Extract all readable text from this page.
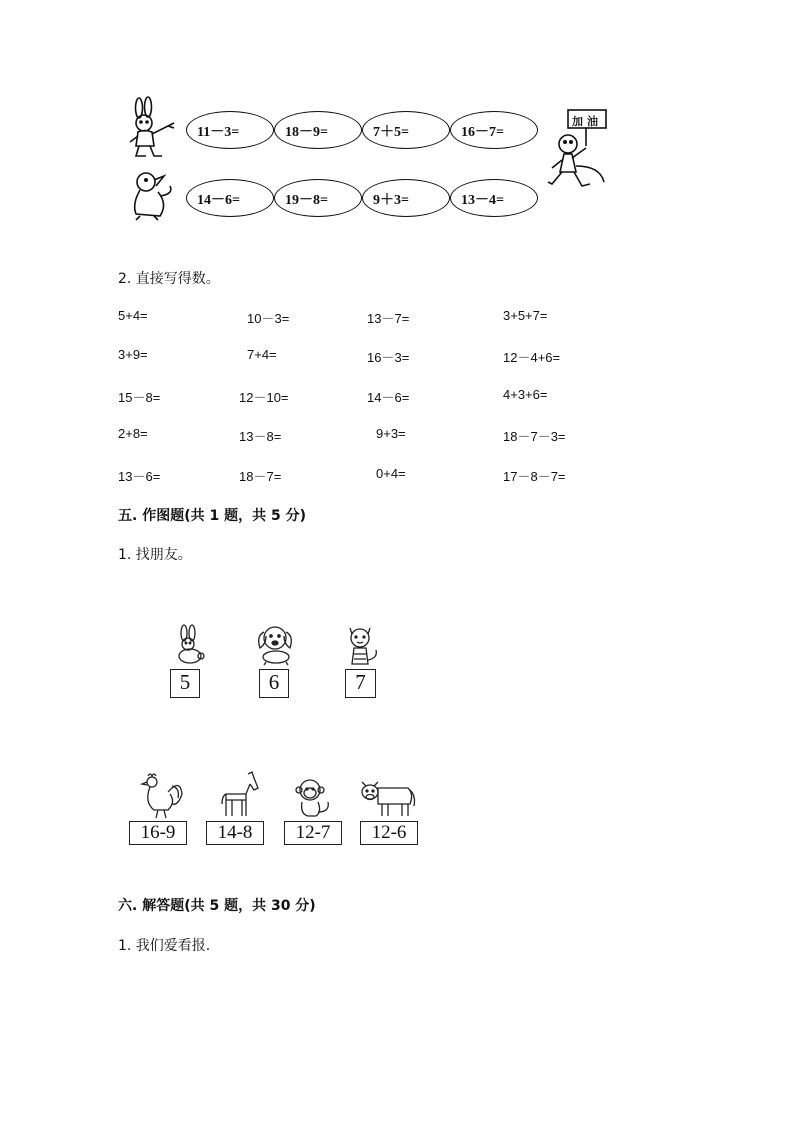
加油
11－3=	18－9=	7＋5=	16－7=
14－6=	19－8=	9＋3=	13－4=
2. 直接写得数。
5+4=	10－3=	13－7=	3+5+7=
3+9=	7+4=	16－3=	12－4+6=
15－8=	12－10=	14－6=	4+3+6=
2+8=	13－8=	9+3=	18－7－3=
13－6=	18－7=	0+4=	17－8－7=
五. 作图题(共 1 题，共 5 分)
1. 找朋友。
5	6	7
16-9	14-8	12-7	12-6
六. 解答题(共 5 题，共 30 分)
1. 我们爱看报.
